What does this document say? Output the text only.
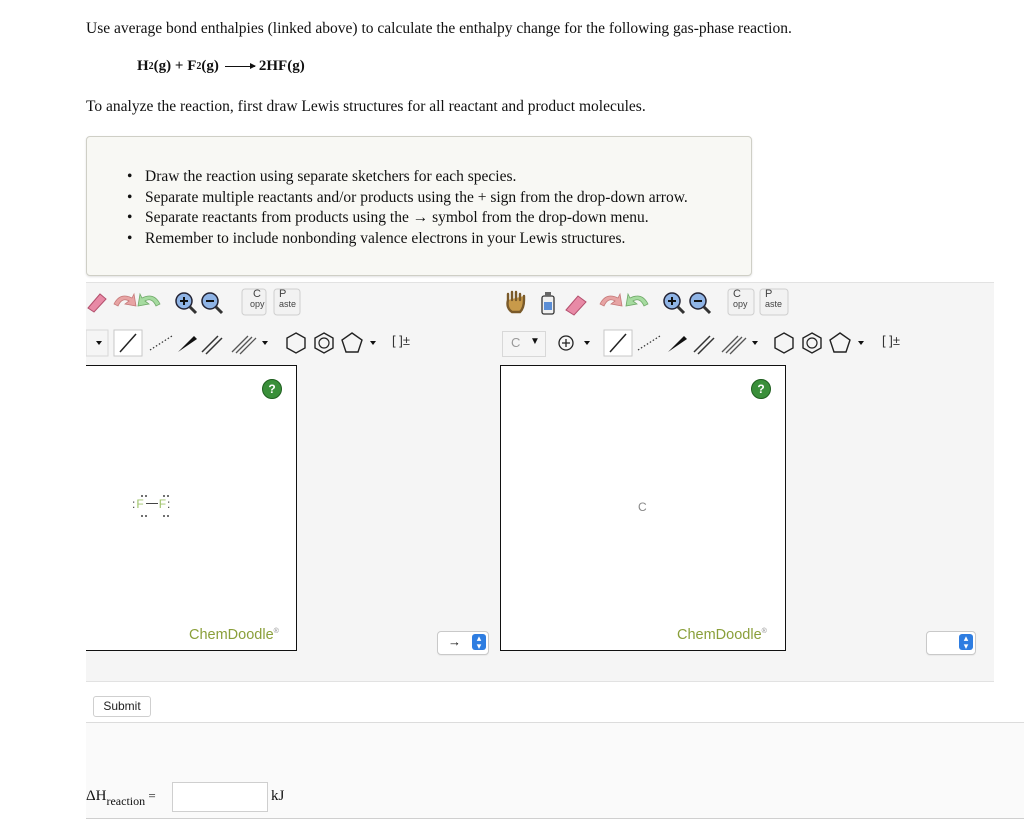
Use average bond enthalpies (linked above) to calculate the enthalpy change for the following gas-phase reaction.
H 2 (g) + F 2 (g) → 2HF(g)
To analyze the reaction, first draw Lewis structures for all reactant and product molecules.
• Draw the reaction using separate sketchers for each species.
• Separate multiple reactants and/or products using the + sign from the drop-down arrow.
• Separate reactants from products using the → symbol from the drop-down menu.
• Remember to include nonbonding valence electrons in your Lewis structures.
C
opy
P
aste
[ ]±
?
:F F:
ChemDoodle®
→	▴
▾
C
opy
P
aste
C ▼	[ ]±
?
C
ChemDoodle®
▴
▾
Submit
$\Delta H_{reaction}$ =	kJ
